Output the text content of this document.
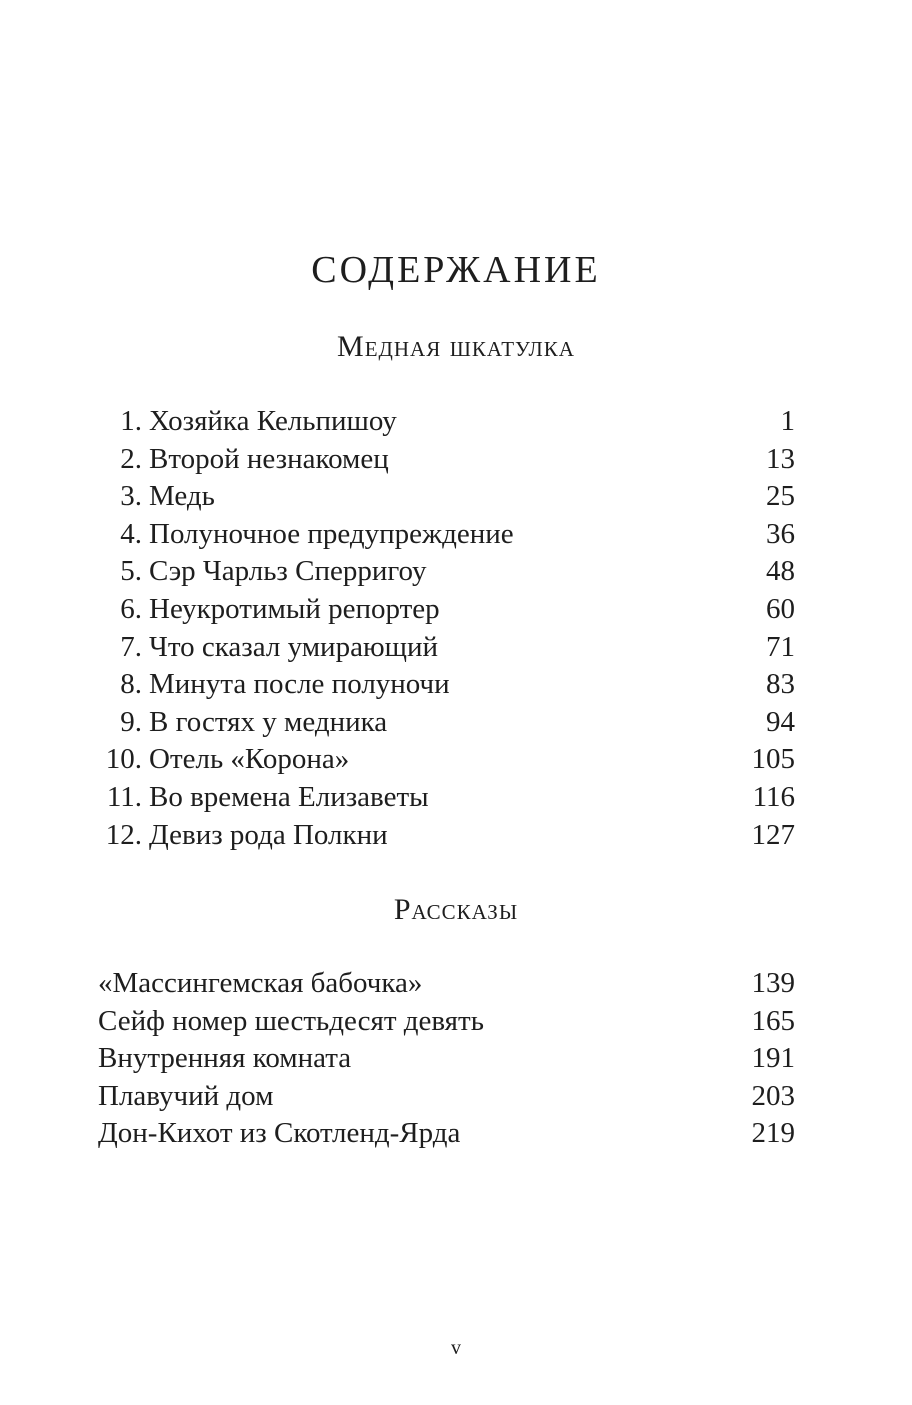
СОДЕРЖАНИЕ
Медная шкатулка
1. Хозяйка Кельпишоу	1
2. Второй незнакомец	13
3. Медь	25
4. Полуночное предупреждение	36
5. Сэр Чарльз Сперригоу	48
6. Неукротимый репортер	60
7. Что сказал умирающий	71
8. Минута после полуночи	83
9. В гостях у медника	94
10. Отель «Корона»	105
11. Во времена Елизаветы	116
12. Девиз рода Полкни	127
Рассказы
«Массингемская бабочка»	139
Сейф номер шестьдесят девять	165
Внутренняя комната	191
Плавучий дом	203
Дон-Кихот из Скотленд-Ярда	219
v
